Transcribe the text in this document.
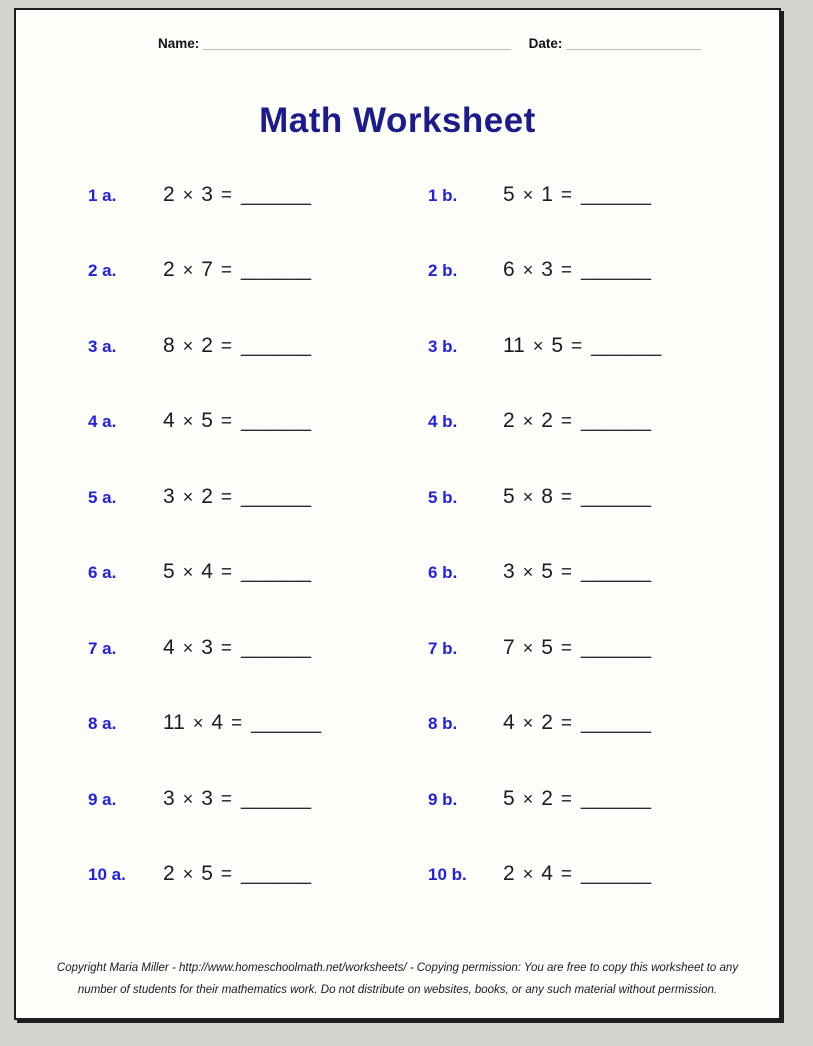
Name: _________________________________________ Date: __________________
Math Worksheet
1 a.	2 × 3 = ______	1 b.	5 × 1 = ______
2 a.	2 × 7 = ______	2 b.	6 × 3 = ______
3 a.	8 × 2 = ______	3 b.	11 × 5 = ______
4 a.	4 × 5 = ______	4 b.	2 × 2 = ______
5 a.	3 × 2 = ______	5 b.	5 × 8 = ______
6 a.	5 × 4 = ______	6 b.	3 × 5 = ______
7 a.	4 × 3 = ______	7 b.	7 × 5 = ______
8 a.	11 × 4 = ______	8 b.	4 × 2 = ______
9 a.	3 × 3 = ______	9 b.	5 × 2 = ______
10 a.	2 × 5 = ______	10 b.	2 × 4 = ______
Copyright Maria Miller - http://www.homeschoolmath.net/worksheets/ - Copying permission: You are free to copy this worksheet to any
number of students for their mathematics work. Do not distribute on websites, books, or any such material without permission.
